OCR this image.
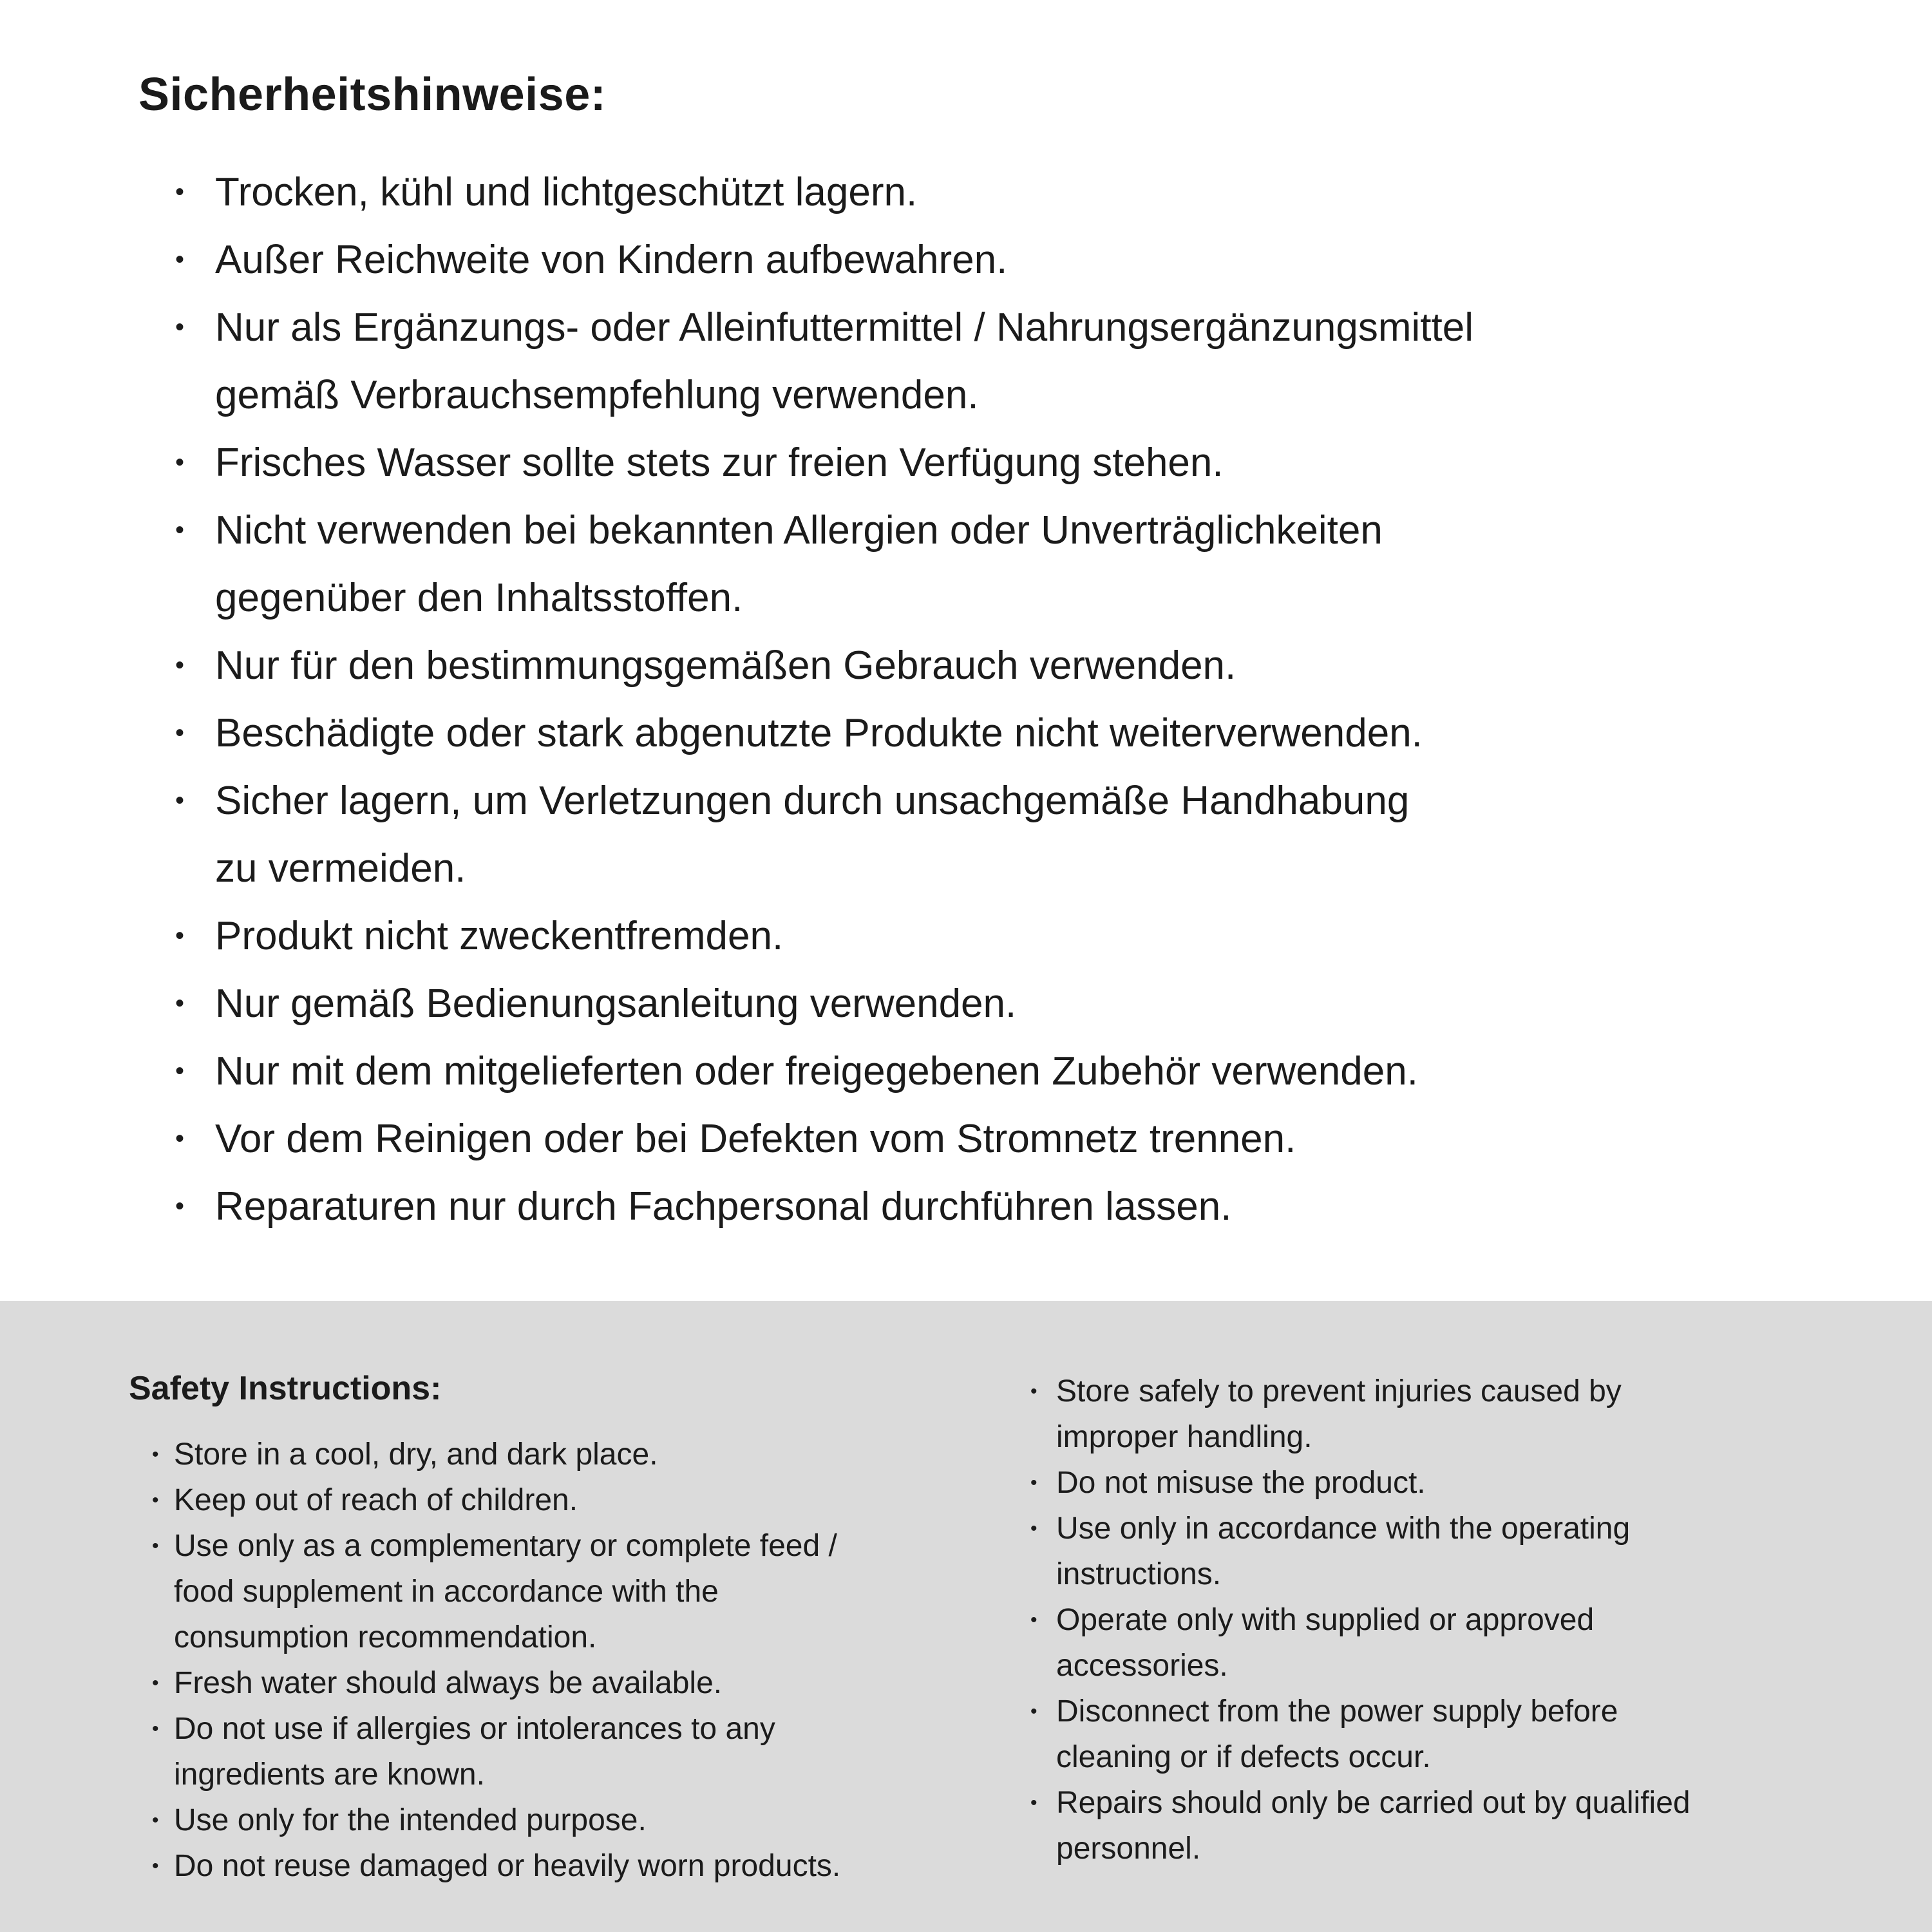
Sicherheitshinweise:
• Trocken, kühl und lichtgeschützt lagern.
• Außer Reichweite von Kindern aufbewahren.
• Nur als Ergänzungs- oder Alleinfuttermittel / Nahrungsergänzungsmittel
gemäß Verbrauchsempfehlung verwenden.
• Frisches Wasser sollte stets zur freien Verfügung stehen.
• Nicht verwenden bei bekannten Allergien oder Unverträglichkeiten
gegenüber den Inhaltsstoffen.
• Nur für den bestimmungsgemäßen Gebrauch verwenden.
• Beschädigte oder stark abgenutzte Produkte nicht weiterverwenden.
• Sicher lagern, um Verletzungen durch unsachgemäße Handhabung
zu vermeiden.
• Produkt nicht zweckentfremden.
• Nur gemäß Bedienungsanleitung verwenden.
• Nur mit dem mitgelieferten oder freigegebenen Zubehör verwenden.
• Vor dem Reinigen oder bei Defekten vom Stromnetz trennen.
• Reparaturen nur durch Fachpersonal durchführen lassen.
Safety Instructions:
• Store in a cool, dry, and dark place.
• Keep out of reach of children.
• Use only as a complementary or complete feed /
food supplement in accordance with the
consumption recommendation.
• Fresh water should always be available.
• Do not use if allergies or intolerances to any
ingredients are known.
• Use only for the intended purpose.
• Do not reuse damaged or heavily worn products.
• Store safely to prevent injuries caused by
improper handling.
• Do not misuse the product.
• Use only in accordance with the operating
instructions.
• Operate only with supplied or approved
accessories.
• Disconnect from the power supply before
cleaning or if defects occur.
• Repairs should only be carried out by qualified
personnel.
